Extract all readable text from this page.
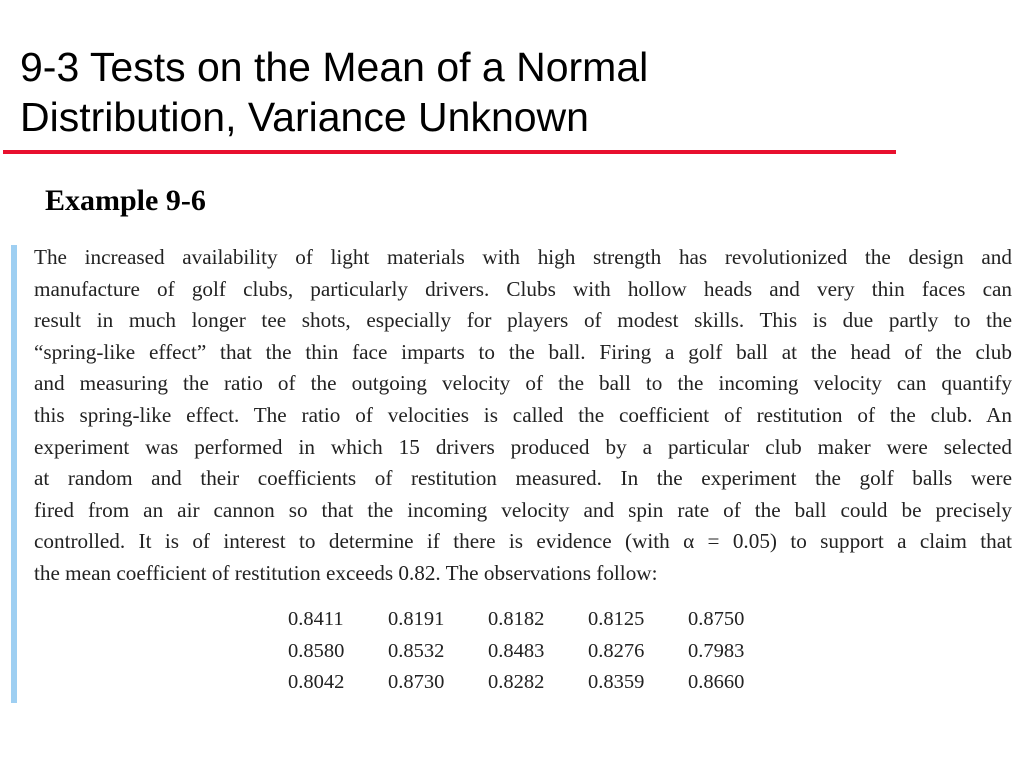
9-3 Tests on the Mean of a Normal
Distribution, Variance Unknown
Example 9-6
The increased availability of light materials with high strength has revolutionized the design and
manufacture of golf clubs, particularly drivers. Clubs with hollow heads and very thin faces can
result in much longer tee shots, especially for players of modest skills. This is due partly to the
“spring-like effect” that the thin face imparts to the ball. Firing a golf ball at the head of the club
and measuring the ratio of the outgoing velocity of the ball to the incoming velocity can quantify
this spring-like effect. The ratio of velocities is called the coefficient of restitution of the club. An
experiment was performed in which 15 drivers produced by a particular club maker were selected
at random and their coefficients of restitution measured. In the experiment the golf balls were
fired from an air cannon so that the incoming velocity and spin rate of the ball could be precisely
controlled. It is of interest to determine if there is evidence (with α = 0.05) to support a claim that
the mean coefficient of restitution exceeds 0.82. The observations follow:
0.8411	0.8191	0.8182	0.8125	0.8750
0.8580	0.8532	0.8483	0.8276	0.7983
0.8042	0.8730	0.8282	0.8359	0.8660
